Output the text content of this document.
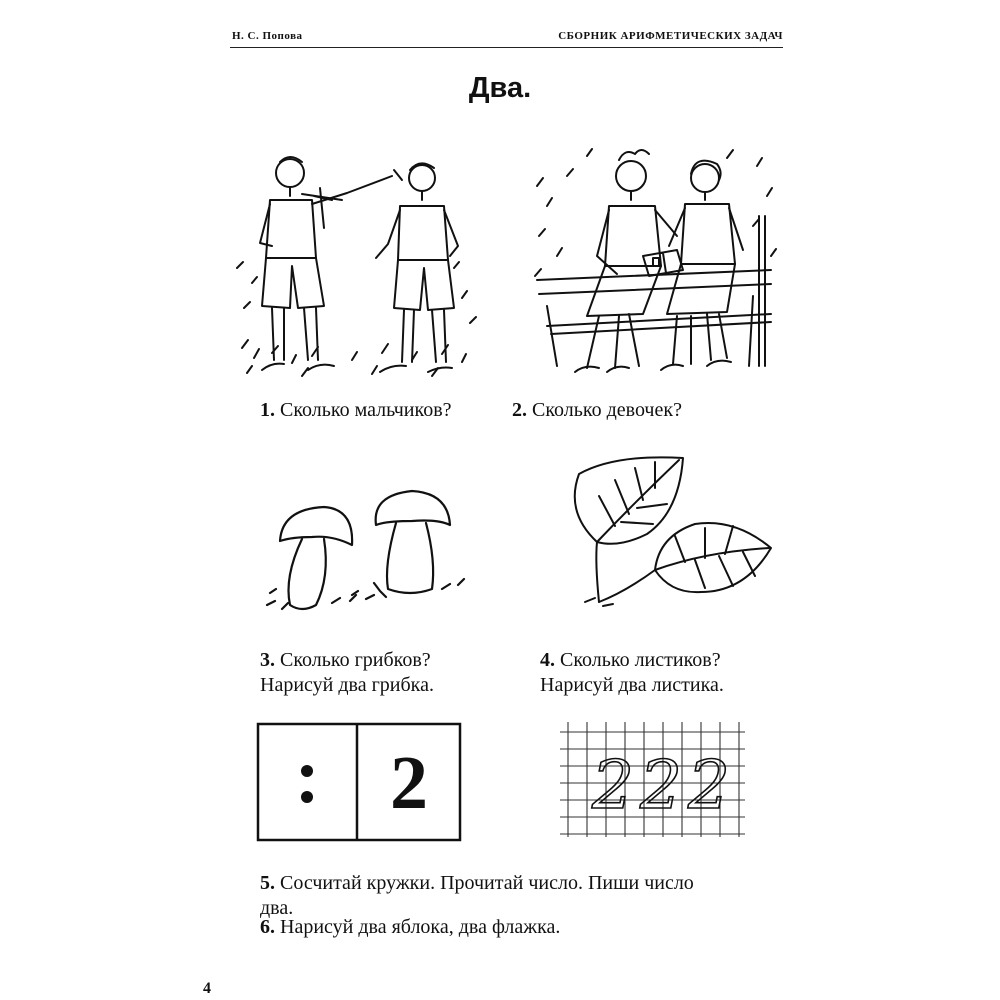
Н. С. Попова	СБОРНИК АРИФМЕТИЧЕСКИХ ЗАДАЧ
Два.
1. Сколько мальчиков?	2. Сколько девочек?
3. Сколько грибков?
Нарисуй два грибка.
4. Сколько листиков?
Нарисуй два листика.
2 2 2 2
5. Сосчитай кружки. Прочитай число. Пиши число
два.
6. Нарисуй два яблока, два флажка.
4
